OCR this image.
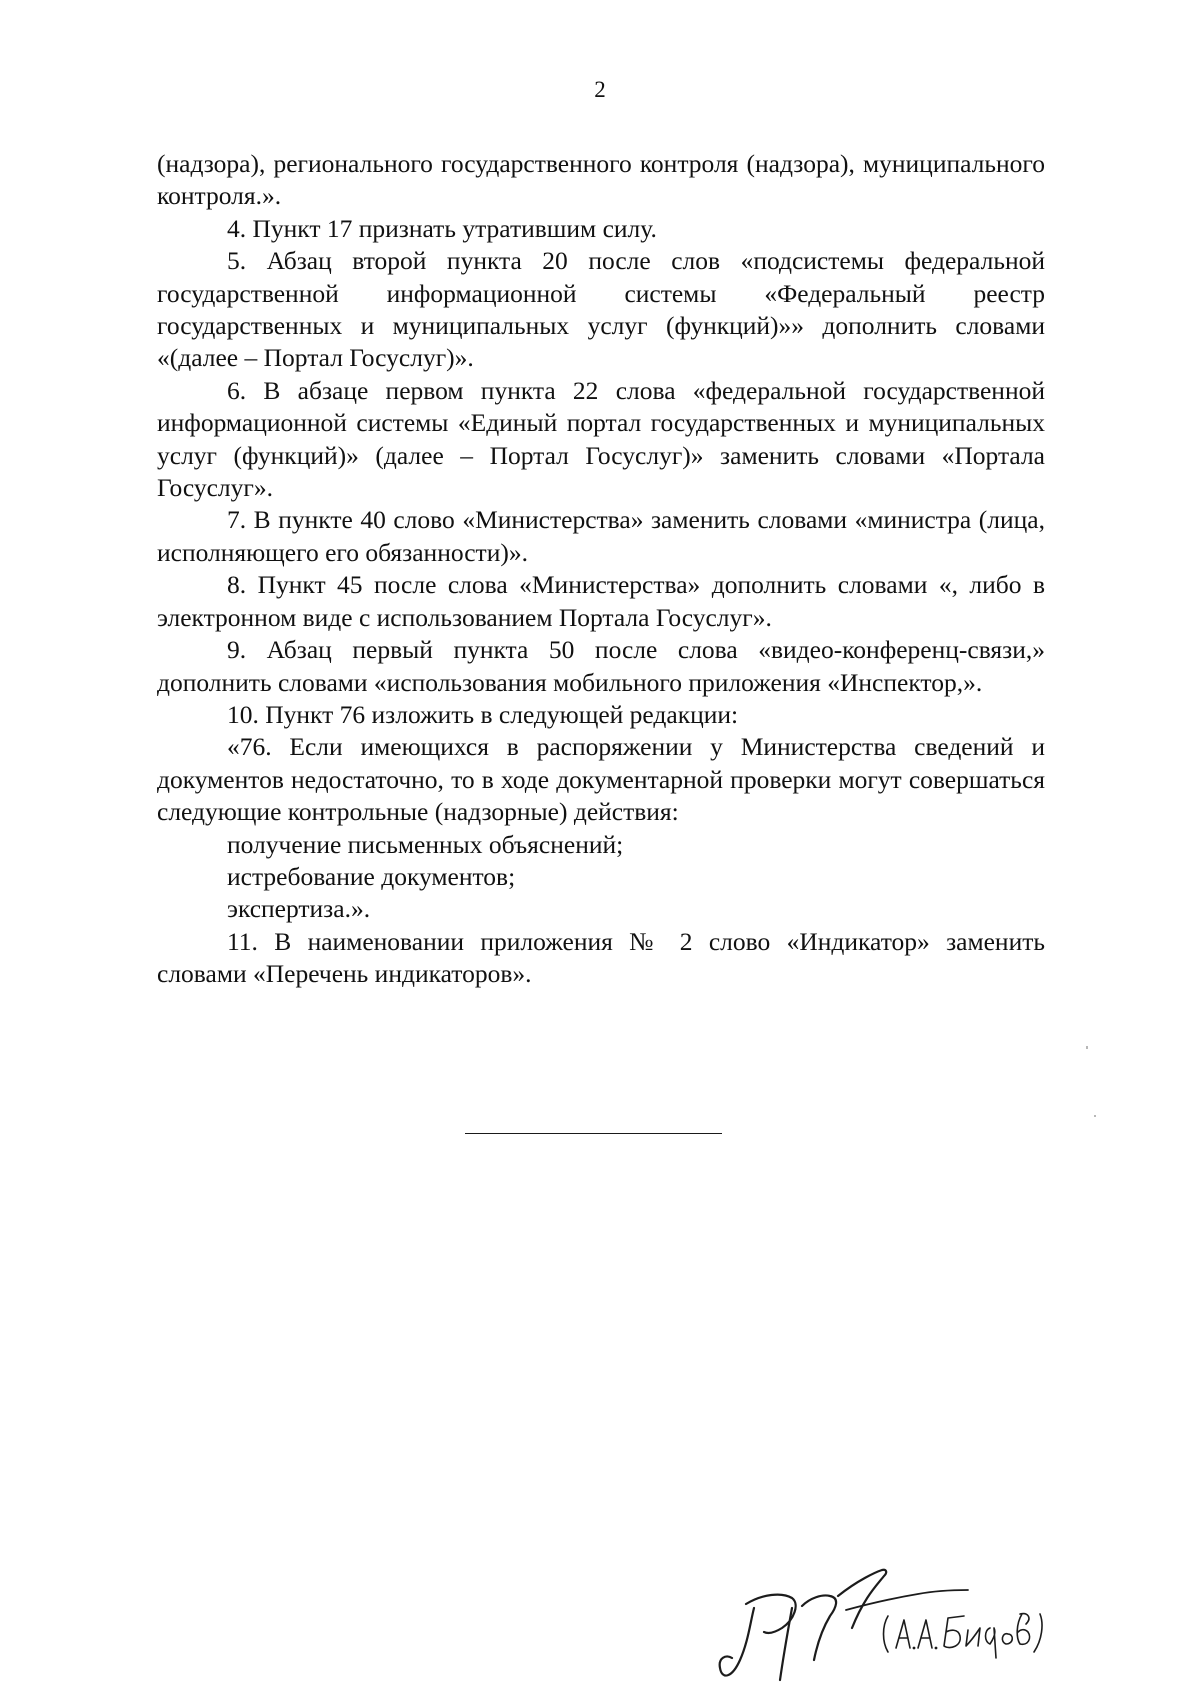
2

(надзора), регионального государственного контроля (надзора), муниципального контроля.».

4. Пункт 17 признать утратившим силу.

5. Абзац второй пункта 20 после слов «подсистемы федеральной государственной информационной системы «Федеральный реестр государственных и муниципальных услуг (функций)»» дополнить словами «(далее – Портал Госуслуг)».

6. В абзаце первом пункта 22 слова «федеральной государственной информационной системы «Единый портал государственных и муниципальных услуг (функций)» (далее – Портал Госуслуг)» заменить словами «Портала Госуслуг».

7. В пункте 40 слово «Министерства» заменить словами «министра (лица, исполняющего его обязанности)».

8. Пункт 45 после слова «Министерства» дополнить словами «, либо в электронном виде с использованием Портала Госуслуг».

9. Абзац первый пункта 50 после слова «видео-конференц-связи,» дополнить словами «использования мобильного приложения «Инспектор,».

10. Пункт 76 изложить в следующей редакции:

«76. Если имеющихся в распоряжении у Министерства сведений и документов недостаточно, то в ходе документарной проверки могут совершаться следующие контрольные (надзорные) действия:

получение письменных объяснений;

истребование документов;

экспертиза.».

11. В наименовании приложения № 2 слово «Индикатор» заменить словами «Перечень индикаторов».
